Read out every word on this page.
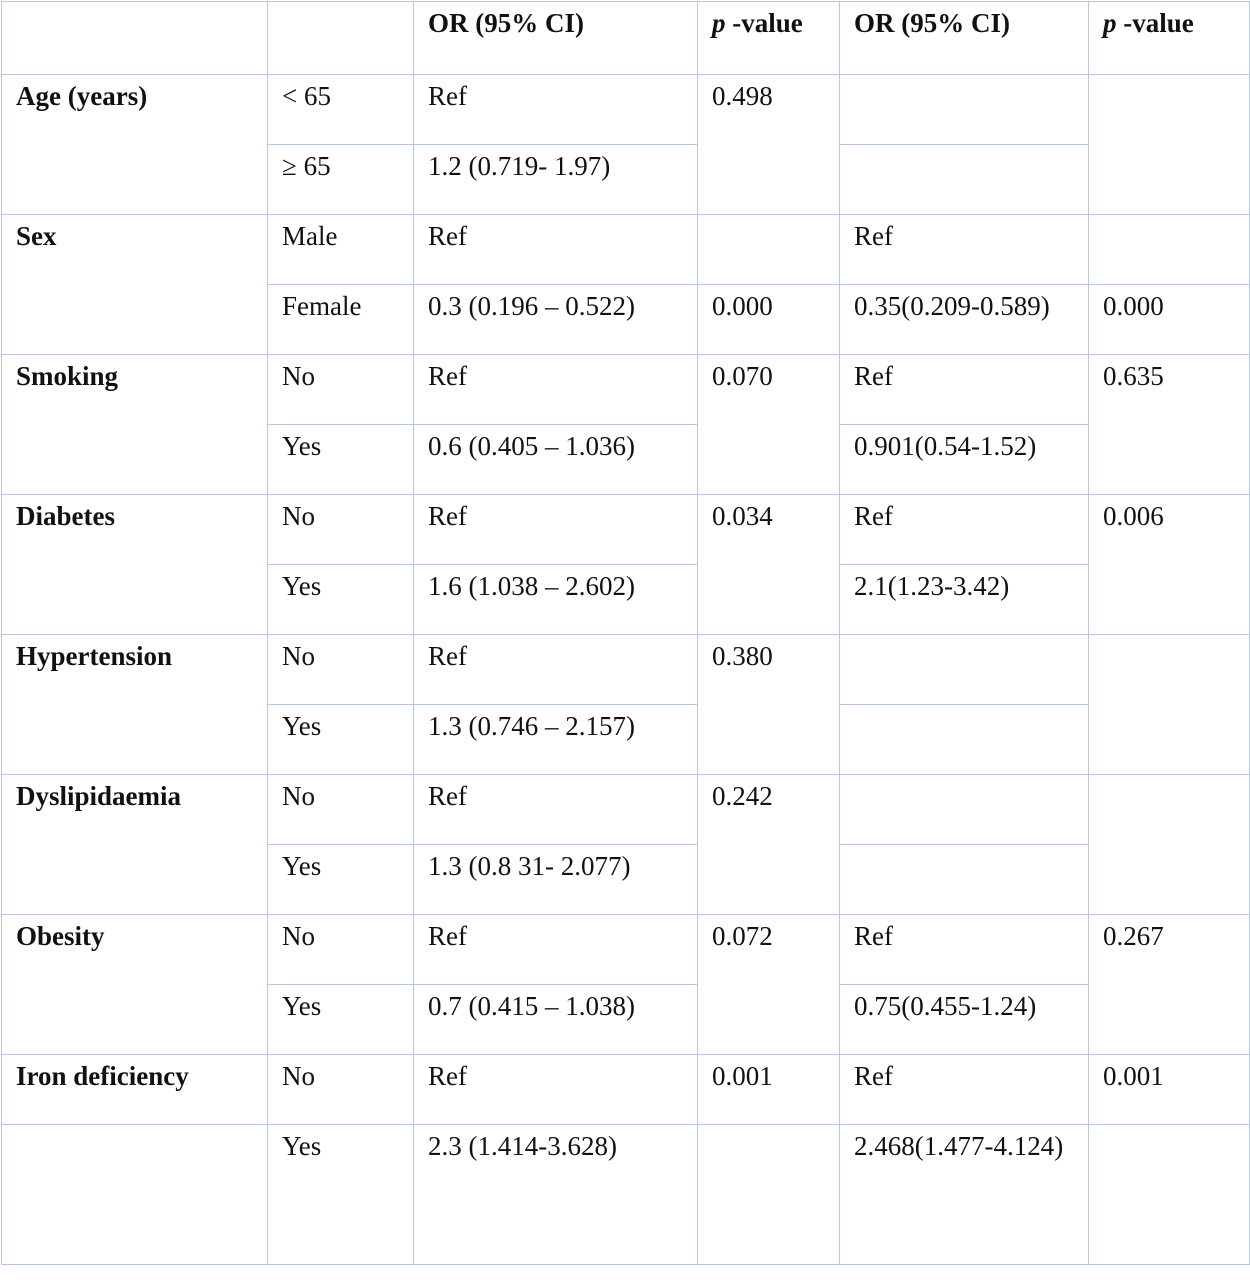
		OR (95% CI)	p -value	OR (95% CI)	p -value
Age (years)	< 65	Ref	0.498		
	≥ 65	1.2 (0.719- 1.97)			
Sex	Male	Ref		Ref	
	Female	0.3 (0.196 – 0.522)	0.000	0.35(0.209-0.589)	0.000
Smoking	No	Ref	0.070	Ref	0.635
	Yes	0.6 (0.405 – 1.036)		0.901(0.54-1.52)	
Diabetes	No	Ref	0.034	Ref	0.006
	Yes	1.6 (1.038 – 2.602)		2.1(1.23-3.42)	
Hypertension	No	Ref	0.380		
	Yes	1.3 (0.746 – 2.157)			
Dyslipidaemia	No	Ref	0.242		
	Yes	1.3 (0.8 31- 2.077)			
Obesity	No	Ref	0.072	Ref	0.267
	Yes	0.7 (0.415 – 1.038)		0.75(0.455-1.24)	
Iron deficiency	No	Ref	0.001	Ref	0.001
	Yes	2.3 (1.414-3.628)		2.468(1.477-4.124)	
